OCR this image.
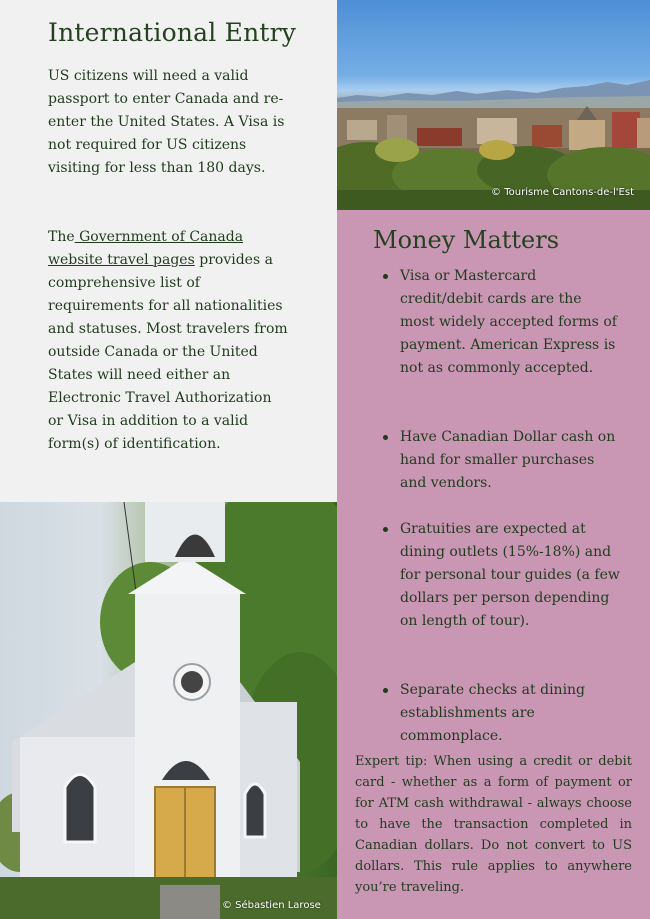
International Entry

US citizens will need a valid passport to enter Canada and re-enter the United States. A Visa is not required for US citizens visiting for less than 180 days.

The Government of Canada website travel pages provides a comprehensive list of requirements for all nationalities and statuses. Most travelers from outside Canada or the United States will need either an Electronic Travel Authorization or Visa in addition to a valid form(s) of identification.

© Tourisme Cantons-de-l'Est
Money Matters
Visa or Mastercard credit/debit cards are the most widely accepted forms of payment. American Express is not as commonly accepted.
Have Canadian Dollar cash on hand for smaller purchases and vendors.
Gratuities are expected at dining outlets (15%-18%) and for personal tour guides (a few dollars per person depending on length of tour).
Separate checks at dining establishments are commonplace.

Expert tip: When using a credit or debit card - whether as a form of payment or for ATM cash withdrawal - always choose to have the transaction completed in Canadian dollars. Do not convert to US dollars. This rule applies to anywhere you’re traveling.

© Sébastien Larose
